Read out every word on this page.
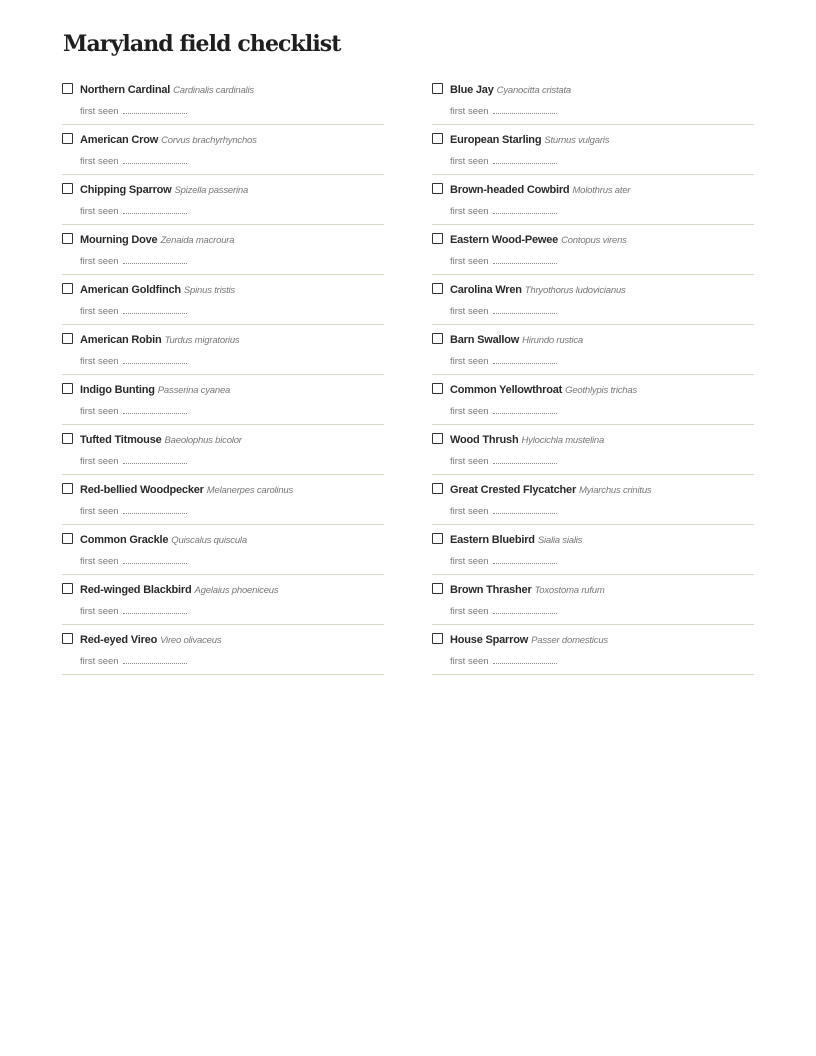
Maryland field checklist
Northern Cardinal Cardinalis cardinalis
first seen
American Crow Corvus brachyrhynchos
first seen
Chipping Sparrow Spizella passerina
first seen
Mourning Dove Zenaida macroura
first seen
American Goldfinch Spinus tristis
first seen
American Robin Turdus migratorius
first seen
Indigo Bunting Passerina cyanea
first seen
Tufted Titmouse Baeolophus bicolor
first seen
Red-bellied Woodpecker Melanerpes carolinus
first seen
Common Grackle Quiscalus quiscula
first seen
Red-winged Blackbird Agelaius phoeniceus
first seen
Red-eyed Vireo Vireo olivaceus
first seen
Blue Jay Cyanocitta cristata
first seen
European Starling Sturnus vulgaris
first seen
Brown-headed Cowbird Molothrus ater
first seen
Eastern Wood-Pewee Contopus virens
first seen
Carolina Wren Thryothorus ludovicianus
first seen
Barn Swallow Hirundo rustica
first seen
Common Yellowthroat Geothlypis trichas
first seen
Wood Thrush Hylocichla mustelina
first seen
Great Crested Flycatcher Myiarchus crinitus
first seen
Eastern Bluebird Sialia sialis
first seen
Brown Thrasher Toxostoma rufum
first seen
House Sparrow Passer domesticus
first seen
